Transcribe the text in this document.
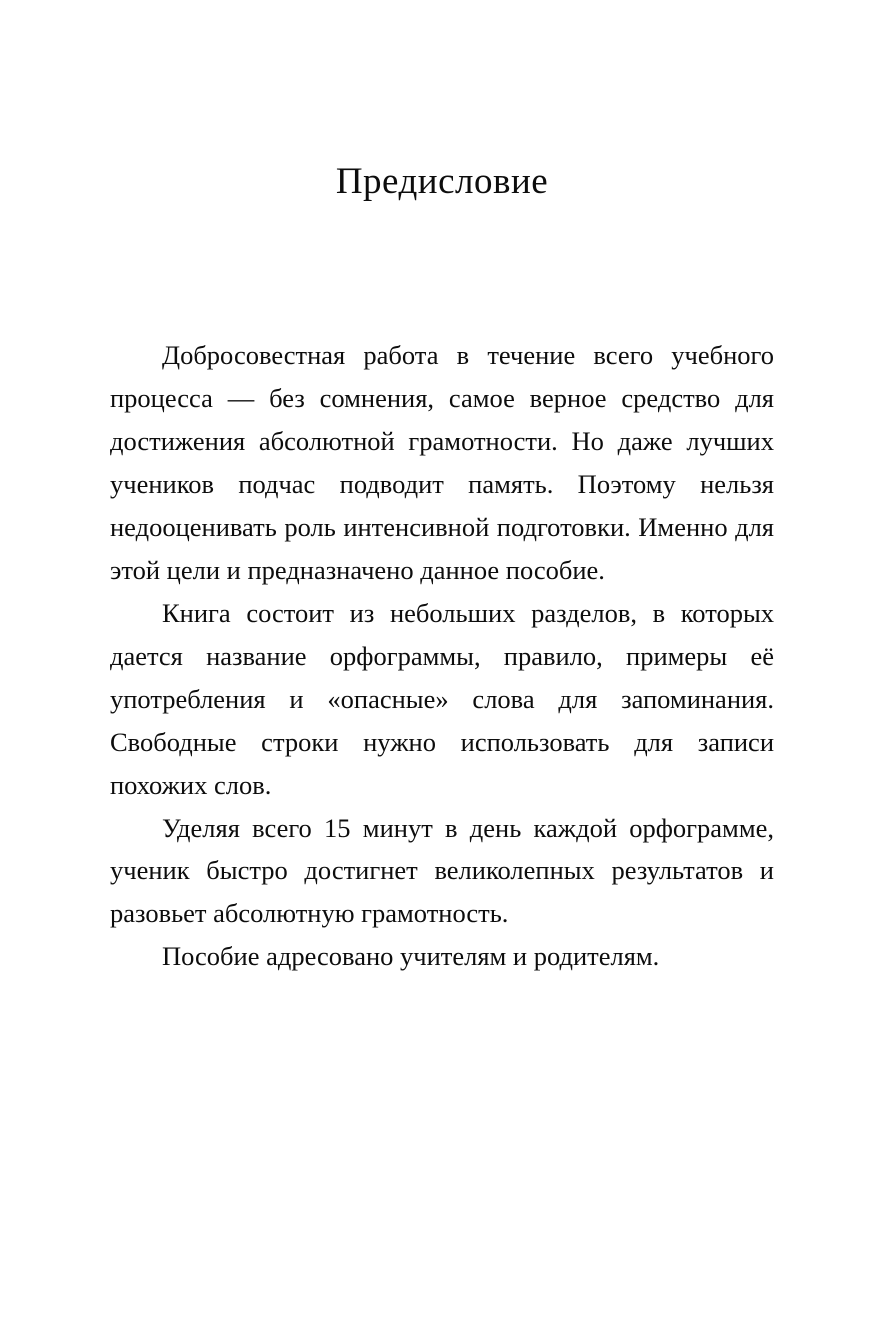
Предисловие

Добросовестная работа в течение всего учебного процесса — без сомнения, самое верное средство для достижения абсолютной грамотности. Но даже лучших учеников подчас подводит память. Поэтому нельзя недооценивать роль интенсивной подготовки. Именно для этой цели и предназначено данное пособие.

Книга состоит из небольших разделов, в которых дается название орфограммы, правило, примеры её употребления и «опасные» слова для запоминания. Свободные строки нужно использовать для записи похожих слов.

Уделяя всего 15 минут в день каждой орфограмме, ученик быстро достигнет великолепных результатов и разовьет абсолютную грамотность.

Пособие адресовано учителям и родителям.
